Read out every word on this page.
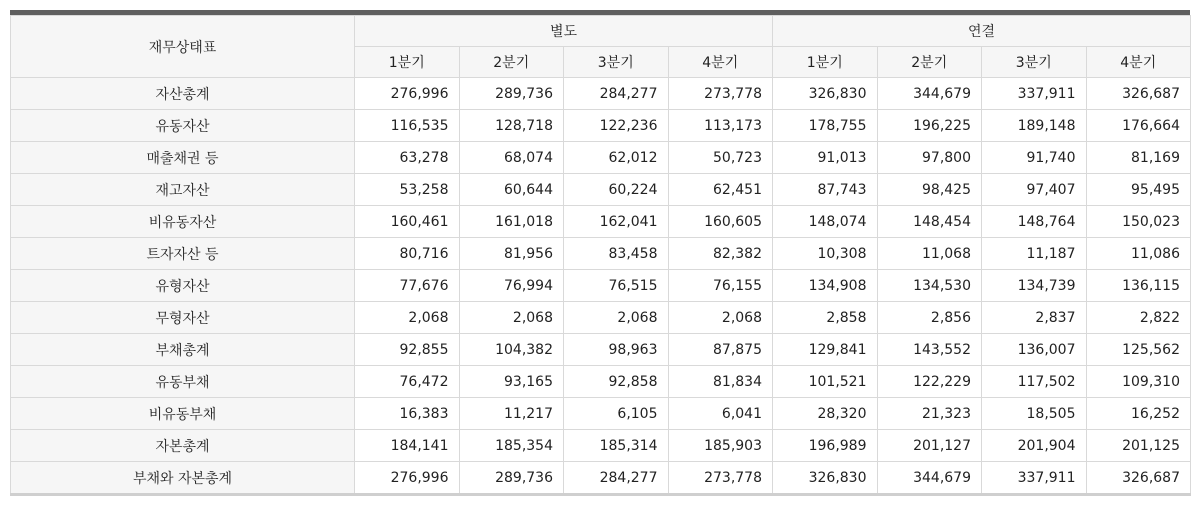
재무상태표	별도				연결			
	1분기	2분기	3분기	4분기	1분기	2분기	3분기	4분기
자산총계	276,996	289,736	284,277	273,778	326,830	344,679	337,911	326,687
유동자산	116,535	128,718	122,236	113,173	178,755	196,225	189,148	176,664
매출채권 등	63,278	68,074	62,012	50,723	91,013	97,800	91,740	81,169
재고자산	53,258	60,644	60,224	62,451	87,743	98,425	97,407	95,495
비유동자산	160,461	161,018	162,041	160,605	148,074	148,454	148,764	150,023
트자자산 등	80,716	81,956	83,458	82,382	10,308	11,068	11,187	11,086
유형자산	77,676	76,994	76,515	76,155	134,908	134,530	134,739	136,115
무형자산	2,068	2,068	2,068	2,068	2,858	2,856	2,837	2,822
부채총계	92,855	104,382	98,963	87,875	129,841	143,552	136,007	125,562
유동부채	76,472	93,165	92,858	81,834	101,521	122,229	117,502	109,310
비유동부채	16,383	11,217	6,105	6,041	28,320	21,323	18,505	16,252
자본총계	184,141	185,354	185,314	185,903	196,989	201,127	201,904	201,125
부채와 자본총계	276,996	289,736	284,277	273,778	326,830	344,679	337,911	326,687
